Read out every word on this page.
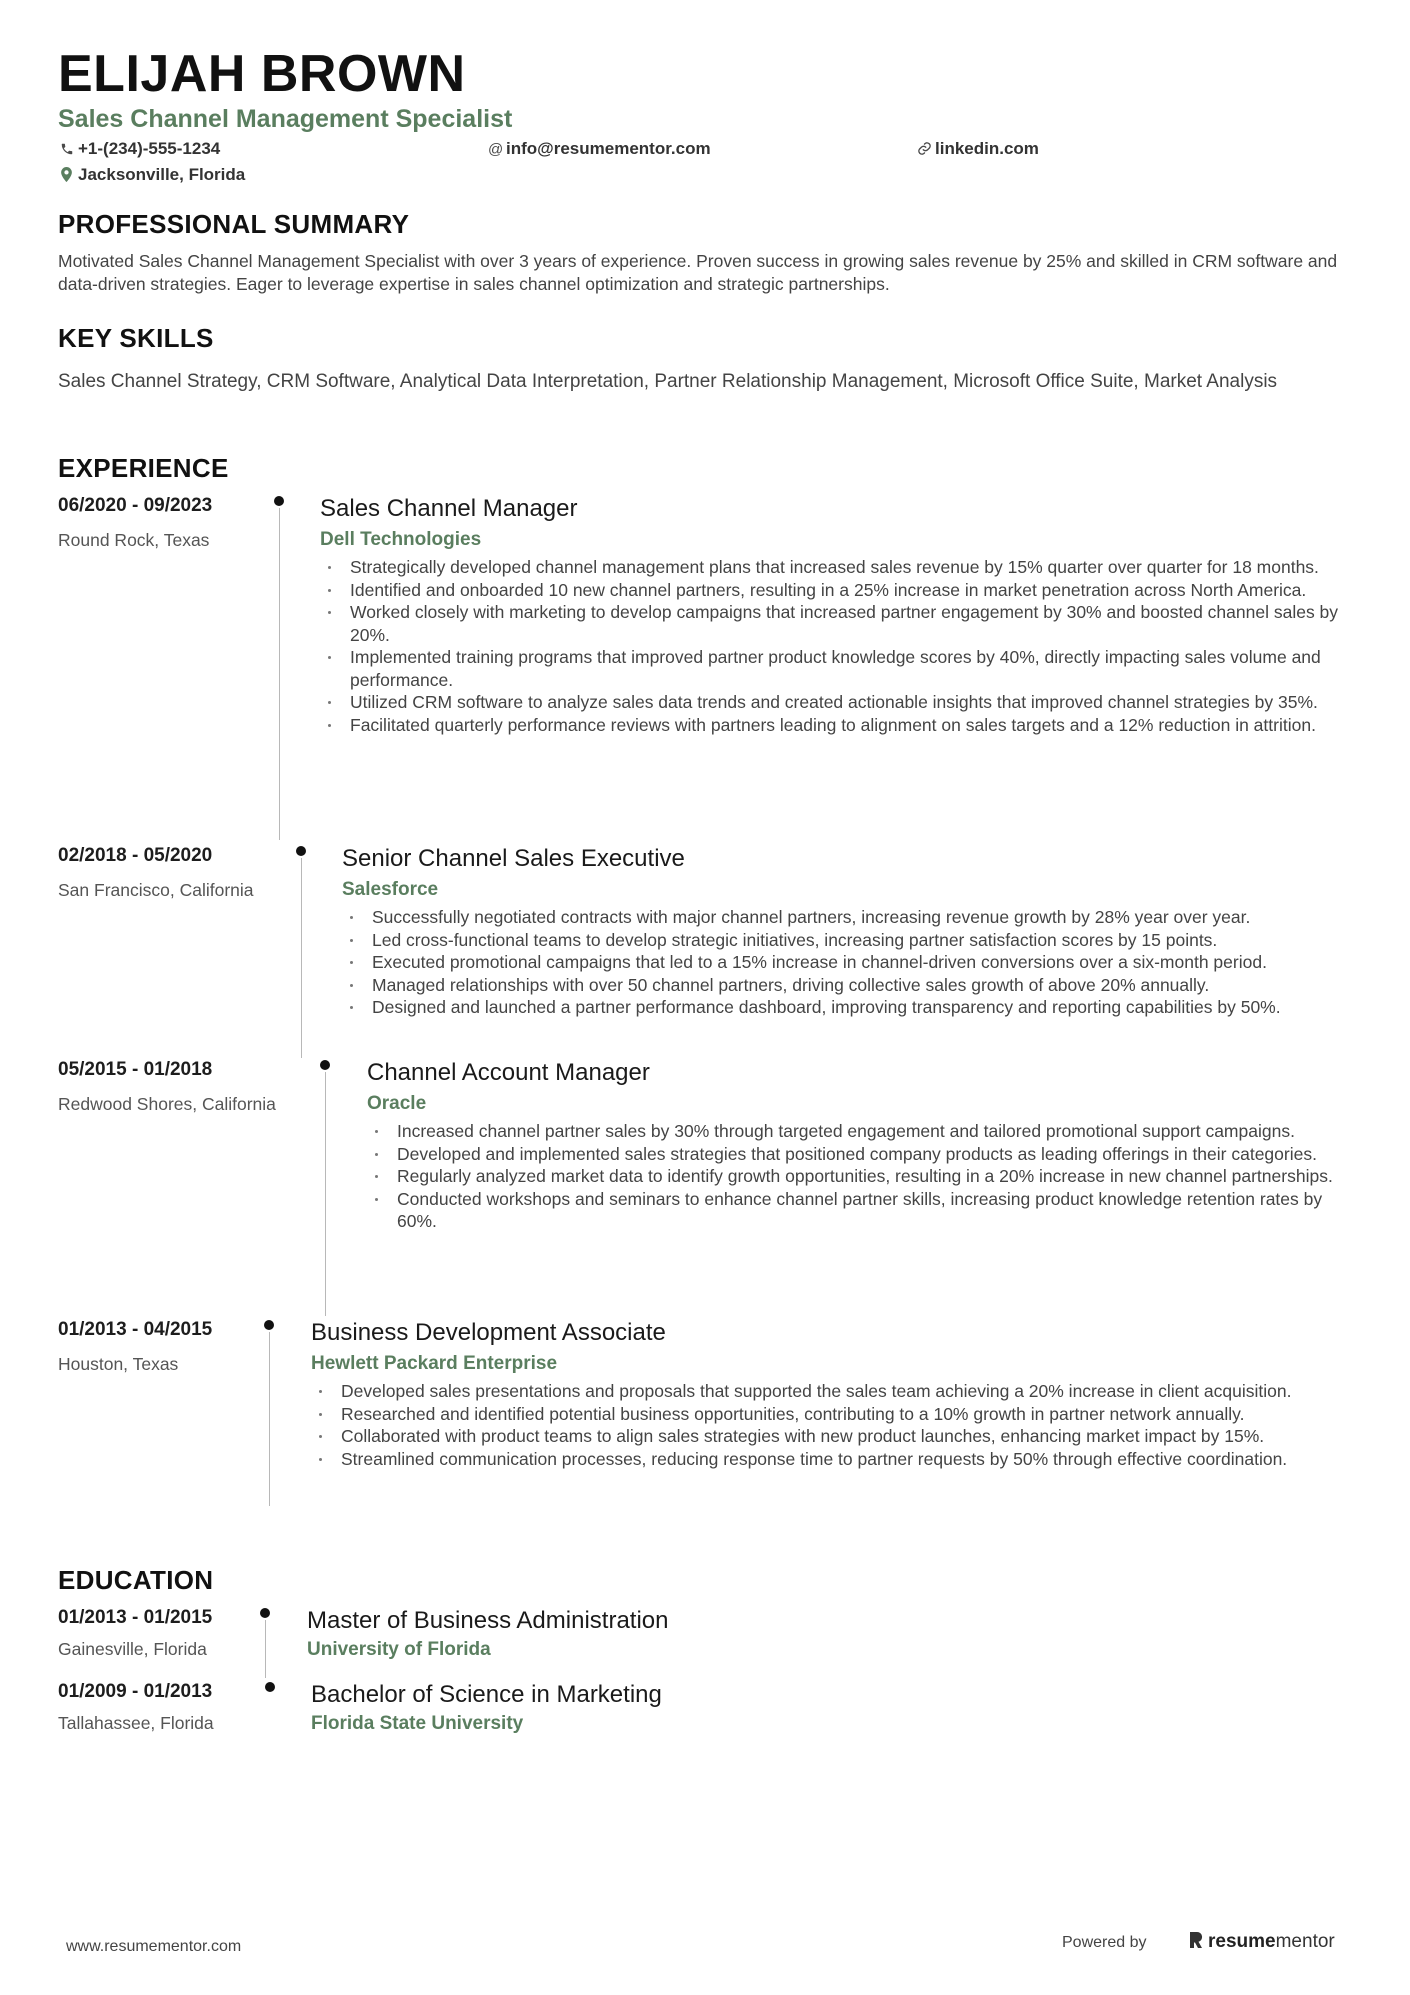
ELIJAH BROWN
Sales Channel Management Specialist
+1-(234)-555-1234	@ info@resumementor.com	linkedin.com
Jacksonville, Florida
PROFESSIONAL SUMMARY

Motivated Sales Channel Management Specialist with over 3 years of experience. Proven success in growing sales revenue by 25% and skilled in CRM software and data-driven strategies. Eager to leverage expertise in sales channel optimization and strategic partnerships.

KEY SKILLS

Sales Channel Strategy, CRM Software, Analytical Data Interpretation, Partner Relationship Management, Microsoft Office Suite, Market Analysis

EXPERIENCE
06/2020 - 09/2023
Round Rock, Texas
Sales Channel Manager
Dell Technologies
Strategically developed channel management plans that increased sales revenue by 15% quarter over quarter for 18 months.
Identified and onboarded 10 new channel partners, resulting in a 25% increase in market penetration across North America.
Worked closely with marketing to develop campaigns that increased partner engagement by 30% and boosted channel sales by 20%.
Implemented training programs that improved partner product knowledge scores by 40%, directly impacting sales volume and performance.
Utilized CRM software to analyze sales data trends and created actionable insights that improved channel strategies by 35%.
Facilitated quarterly performance reviews with partners leading to alignment on sales targets and a 12% reduction in attrition.
02/2018 - 05/2020
San Francisco, California
Senior Channel Sales Executive
Salesforce
Successfully negotiated contracts with major channel partners, increasing revenue growth by 28% year over year.
Led cross-functional teams to develop strategic initiatives, increasing partner satisfaction scores by 15 points.
Executed promotional campaigns that led to a 15% increase in channel-driven conversions over a six-month period.
Managed relationships with over 50 channel partners, driving collective sales growth of above 20% annually.
Designed and launched a partner performance dashboard, improving transparency and reporting capabilities by 50%.
05/2015 - 01/2018
Redwood Shores, California
Channel Account Manager
Oracle
Increased channel partner sales by 30% through targeted engagement and tailored promotional support campaigns.
Developed and implemented sales strategies that positioned company products as leading offerings in their categories.
Regularly analyzed market data to identify growth opportunities, resulting in a 20% increase in new channel partnerships.
Conducted workshops and seminars to enhance channel partner skills, increasing product knowledge retention rates by 60%.
01/2013 - 04/2015
Houston, Texas
Business Development Associate
Hewlett Packard Enterprise
Developed sales presentations and proposals that supported the sales team achieving a 20% increase in client acquisition.
Researched and identified potential business opportunities, contributing to a 10% growth in partner network annually.
Collaborated with product teams to align sales strategies with new product launches, enhancing market impact by 15%.
Streamlined communication processes, reducing response time to partner requests by 50% through effective coordination.
EDUCATION
01/2013 - 01/2015
Gainesville, Florida
Master of Business Administration
University of Florida
01/2009 - 01/2013
Tallahassee, Florida
Bachelor of Science in Marketing
Florida State University
www.resumementor.com	Powered by	resumementor
